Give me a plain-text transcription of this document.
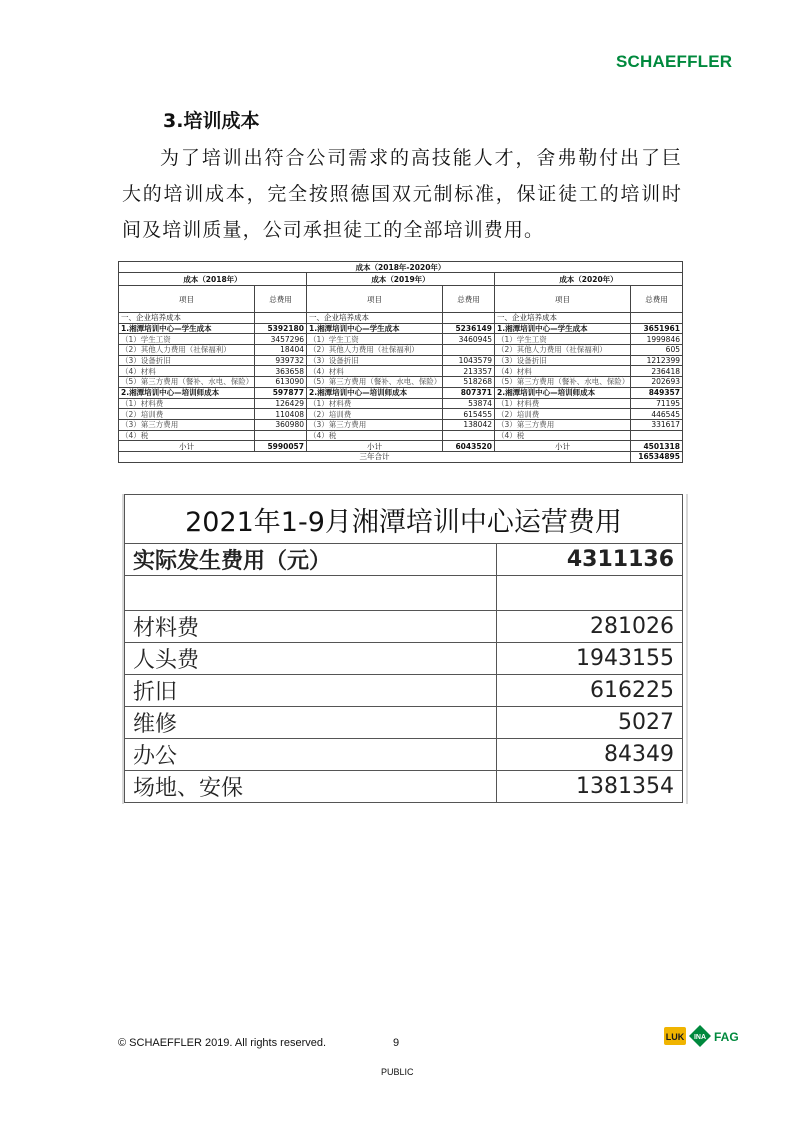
SCHAEFFLER
3.培训成本

为了培训出符合公司需求的高技能人才，舍弗勒付出了巨大的培训成本，完全按照德国双元制标准，保证徒工的培训时间及培训质量，公司承担徒工的全部培训费用。

成本（2018年-2020年）					
成本（2018年）		成本（2019年）		成本（2020年）	
项目	总费用	项目	总费用	项目	总费用
一、企业培养成本		一、企业培养成本		一、企业培养成本	
1.湘潭培训中心—学生成本	5392180	1.湘潭培训中心—学生成本	5236149	1.湘潭培训中心—学生成本	3651961
（1）学生工资	3457296	（1）学生工资	3460945	（1）学生工资	1999846
（2）其他人力费用（社保福利）	18404	（2）其他人力费用（社保福利）		（2）其他人力费用（社保福利）	605
（3）设备折旧	939732	（3）设备折旧	1043579	（3）设备折旧	1212399
（4）材料	363658	（4）材料	213357	（4）材料	236418
（5）第三方费用（餐补、水电、保险）	613090	（5）第三方费用（餐补、水电、保险）	518268	（5）第三方费用（餐补、水电、保险）	202693
2.湘潭培训中心—培训师成本	597877	2.湘潭培训中心—培训师成本	807371	2.湘潭培训中心—培训师成本	849357
（1）材料费	126429	（1）材料费	53874	（1）材料费	71195
（2）培训费	110408	（2）培训费	615455	（2）培训费	446545
（3）第三方费用	360980	（3）第三方费用	138042	（3）第三方费用	331617
（4）税		（4）税		（4）税	
小计	5990057	小计	6043520	小计	4501318
三年合计					16534895
2021年1-9月湘潭培训中心运营费用	
实际发生费用（元）	4311136

材料费	281026
人头费	1943155
折旧	616225
维修	5027
办公	84349
场地、安保	1381354
© SCHAEFFLER 2019. All rights reserved.	9
PUBLIC
LUK INA FAG
